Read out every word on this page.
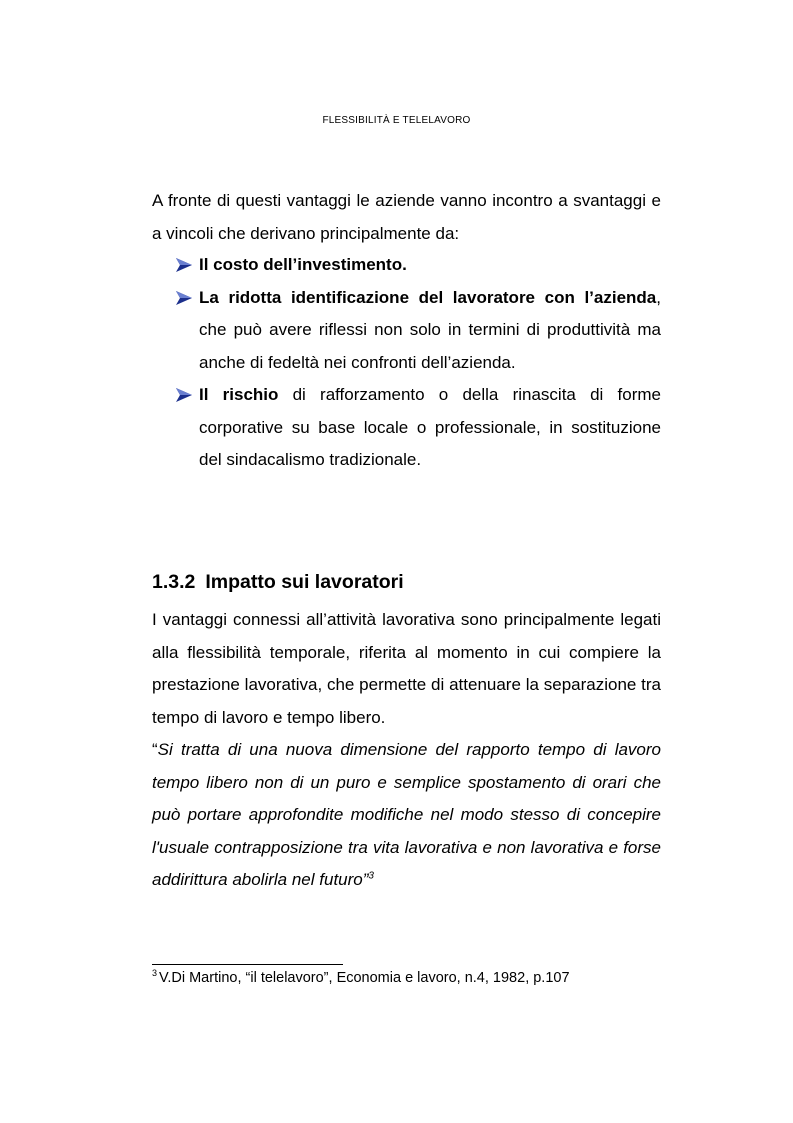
FLESSIBILITÀ E TELELAVORO

A fronte di questi vantaggi le aziende vanno incontro a svantaggi e a vincoli che derivano principalmente da:

Il costo dell’investimento.
La ridotta identificazione del lavoratore con l’azienda, che può avere riflessi non solo in termini di produttività ma anche di fedeltà nei confronti dell’azienda.
Il rischio di rafforzamento o della rinascita di forme corporative su base locale o professionale, in sostituzione del sindacalismo tradizionale.
1.3.2 Impatto sui lavoratori

I vantaggi connessi all’attività lavorativa sono principalmente legati alla flessibilità temporale, riferita al momento in cui compiere la prestazione lavorativa, che permette di attenuare la separazione tra tempo di lavoro e tempo libero.

“Si tratta di una nuova dimensione del rapporto tempo di lavoro tempo libero non di un puro e semplice spostamento di orari che può portare approfondite modifiche nel modo stesso di concepire l'usuale contrapposizione tra vita lavorativa e non lavorativa e forse addirittura abolirla nel futuro”$^3$

$^3$ V.Di Martino, “il telelavoro”, Economia e lavoro, n.4, 1982, p.107
